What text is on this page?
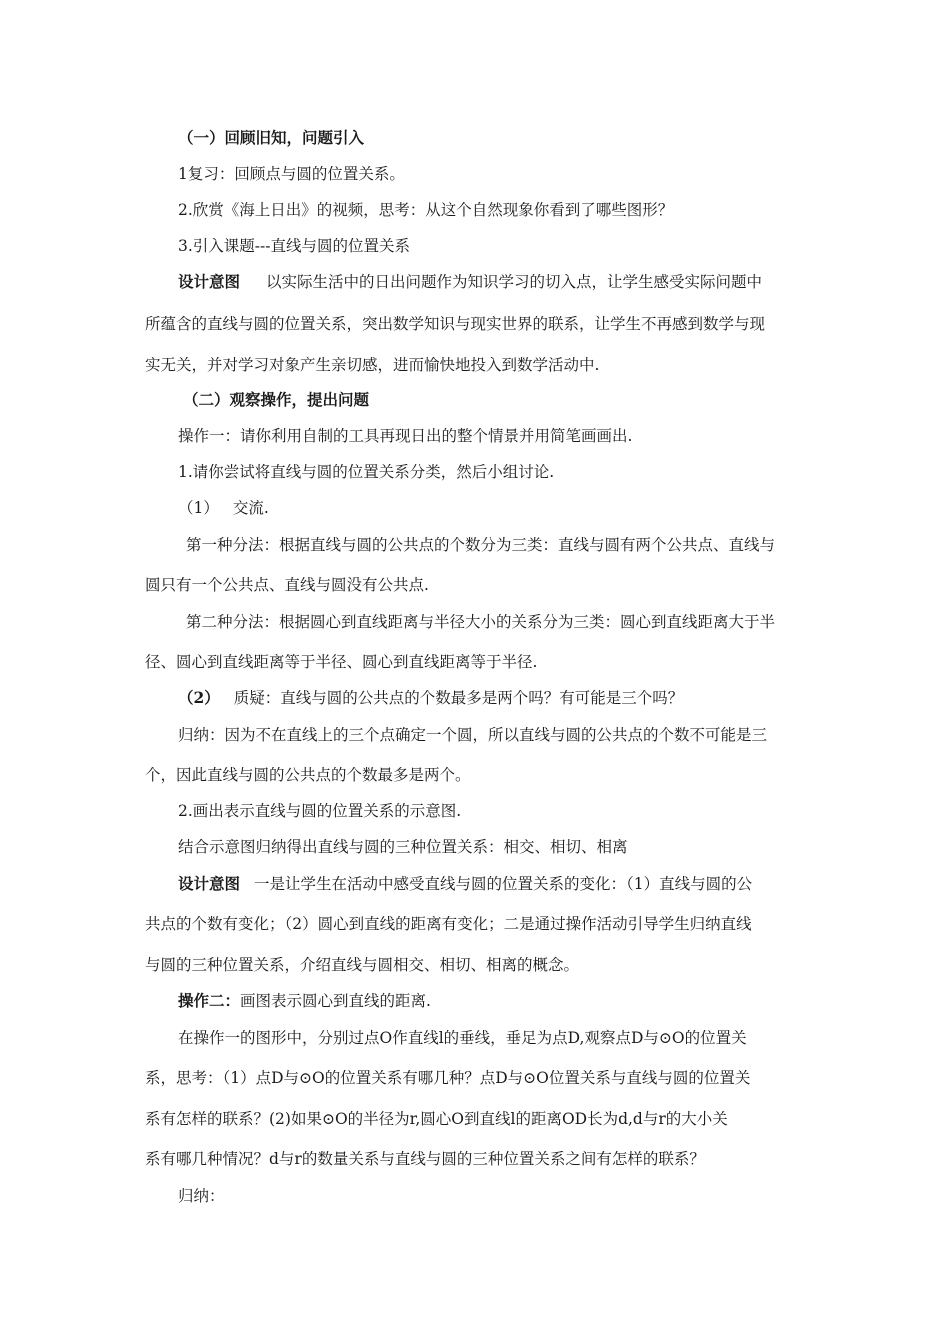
（一）回顾旧知，问题引入
1复习：回顾点与圆的位置关系。
2.欣赏《海上日出》的视频，思考：从这个自然现象你看到了哪些图形？
3.引入课题---直线与圆的位置关系
设计意图 以实际生活中的日出问题作为知识学习的切入点，让学生感受实际问题中
所蕴含的直线与圆的位置关系，突出数学知识与现实世界的联系，让学生不再感到数学与现
实无关，并对学习对象产生亲切感，进而愉快地投入到数学活动中.
（二）观察操作，提出问题
操作一：请你利用自制的工具再现日出的整个情景并用简笔画画出.
1.请你尝试将直线与圆的位置关系分类，然后小组讨论.
（1） 交流.
第一种分法：根据直线与圆的公共点的个数分为三类：直线与圆有两个公共点、直线与
圆只有一个公共点、直线与圆没有公共点.
第二种分法：根据圆心到直线距离与半径大小的关系分为三类：圆心到直线距离大于半
径、圆心到直线距离等于半径、圆心到直线距离等于半径.
（2） 质疑：直线与圆的公共点的个数最多是两个吗？有可能是三个吗？
归纳：因为不在直线上的三个点确定一个圆，所以直线与圆的公共点的个数不可能是三
个，因此直线与圆的公共点的个数最多是两个。
2.画出表示直线与圆的位置关系的示意图.
结合示意图归纳得出直线与圆的三种位置关系：相交、相切、相离
设计意图 一是让学生在活动中感受直线与圆的位置关系的变化：（1）直线与圆的公
共点的个数有变化；（2）圆心到直线的距离有变化；二是通过操作活动引导学生归纳直线
与圆的三种位置关系，介绍直线与圆相交、相切、相离的概念。
操作二：画图表示圆心到直线的距离.
在操作一的图形中，分别过点O作直线l的垂线，垂足为点D,观察点D与⊙O的位置关
系，思考：（1）点D与⊙O的位置关系有哪几种？点D与⊙O位置关系与直线与圆的位置关
系有怎样的联系？(2)如果⊙O的半径为r,圆心O到直线l的距离OD长为d,d与r的大小关
系有哪几种情况？d与r的数量关系与直线与圆的三种位置关系之间有怎样的联系？
归纳：
